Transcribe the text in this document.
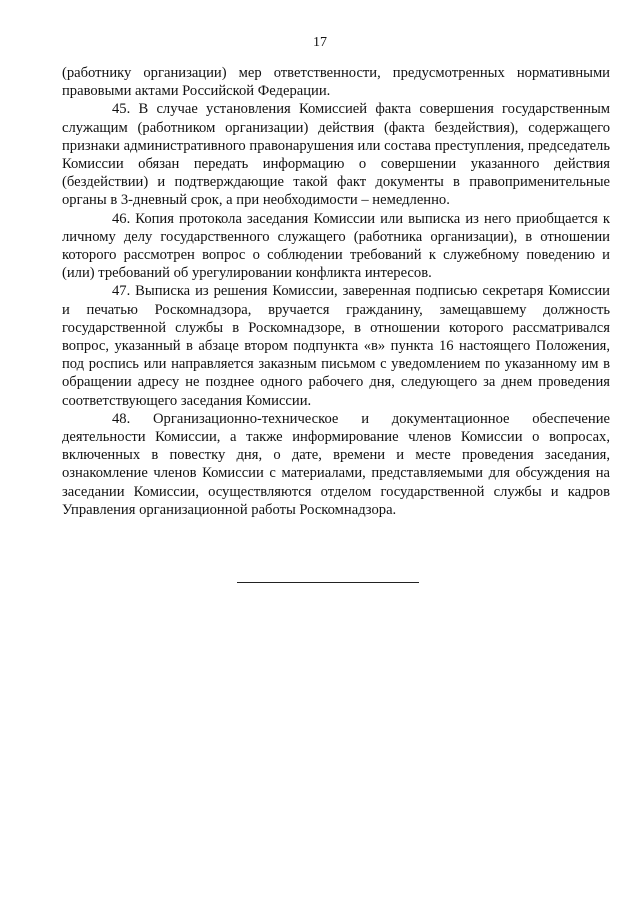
17

(работнику организации) мер ответственности, предусмотренных нормативными правовыми актами Российской Федерации.

45. В случае установления Комиссией факта совершения государственным служащим (работником организации) действия (факта бездействия), содержащего признаки административного правонарушения или состава преступления, председатель Комиссии обязан передать информацию о совершении указанного действия (бездействии) и подтверждающие такой факт документы в правоприменительные органы в 3-дневный срок, а при необходимости – немедленно.

46. Копия протокола заседания Комиссии или выписка из него приобщается к личному делу государственного служащего (работника организации), в отношении которого рассмотрен вопрос о соблюдении требований к служебному поведению и (или) требований об урегулировании конфликта интересов.

47. Выписка из решения Комиссии, заверенная подписью секретаря Комиссии и печатью Роскомнадзора, вручается гражданину, замещавшему должность государственной службы в Роскомнадзоре, в отношении которого рассматривался вопрос, указанный в абзаце втором подпункта «в» пункта 16 настоящего Положения, под роспись или направляется заказным письмом с уведомлением по указанному им в обращении адресу не позднее одного рабочего дня, следующего за днем проведения соответствующего заседания Комиссии.

48. Организационно-техническое и документационное обеспечение деятельности Комиссии, а также информирование членов Комиссии о вопросах, включенных в повестку дня, о дате, времени и месте проведения заседания, ознакомление членов Комиссии с материалами, представляемыми для обсуждения на заседании Комиссии, осуществляются отделом государственной службы и кадров Управления организационной работы Роскомнадзора.
